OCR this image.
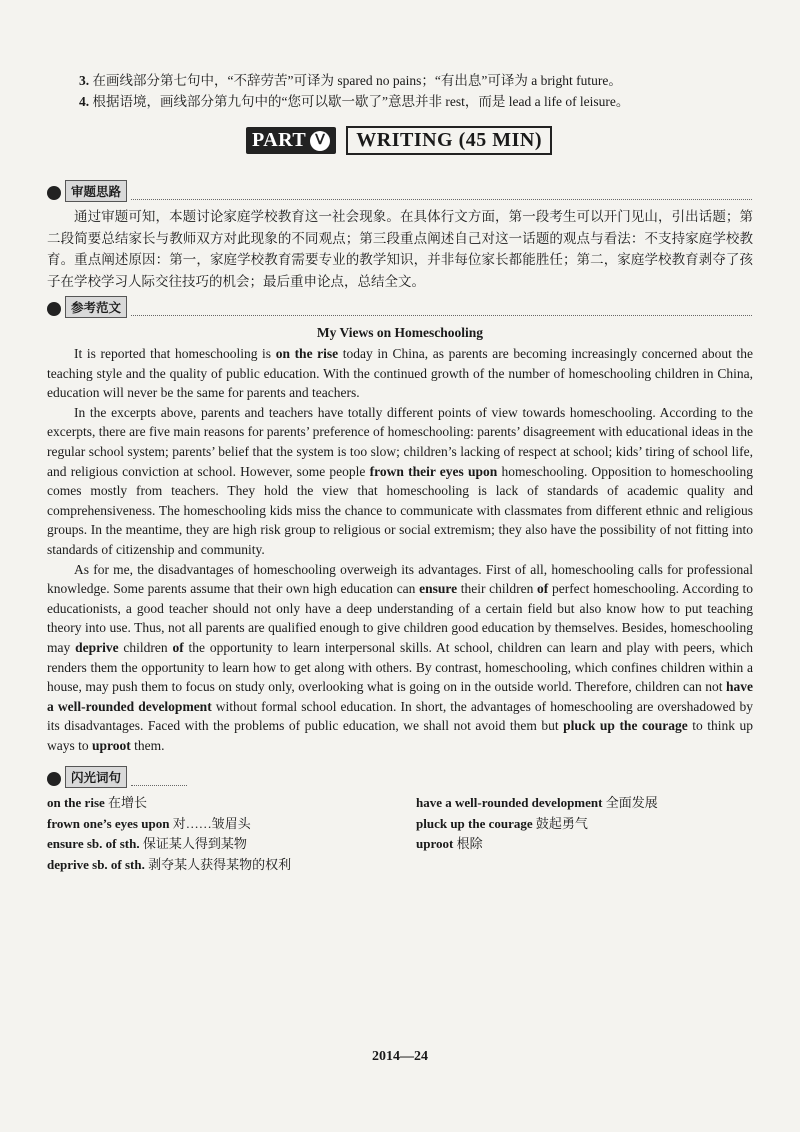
3. 在画线部分第七句中，“不辞劳苦”可译为 spared no pains；“有出息”可译为 a bright future。
4. 根据语境，画线部分第九句中的“您可以歇一歇了”意思并非 rest，而是 lead a life of leisure。
PART Ⅴ	WRITING (45 MIN)
审题思路
通过审题可知，本题讨论家庭学校教育这一社会现象。在具体行文方面，第一段考生可以开门见山，引出话题；第二段简要总结家长与教师双方对此现象的不同观点；第三段重点阐述自己对这一话题的观点与看法：不支持家庭学校教育。重点阐述原因：第一，家庭学校教育需要专业的教学知识，并非每位家长都能胜任；第二，家庭学校教育剥夺了孩子在学校学习人际交往技巧的机会；最后重申论点，总结全文。
参考范文
My Views on Homeschooling

It is reported that homeschooling is on the rise today in China, as parents are becoming increasingly concerned about the teaching style and the quality of public education. With the continued growth of the number of homeschooling children in China, education will never be the same for parents and teachers.

In the excerpts above, parents and teachers have totally different points of view towards homeschooling. According to the excerpts, there are five main reasons for parents’ preference of homeschooling: parents’ disagreement with educational ideas in the regular school system; parents’ belief that the system is too slow; children’s lacking of respect at school; kids’ tiring of school life, and religious conviction at school. However, some people frown their eyes upon homeschooling. Opposition to homeschooling comes mostly from teachers. They hold the view that homeschooling is lack of standards of academic quality and comprehensiveness. The homeschooling kids miss the chance to communicate with classmates from different ethnic and religious groups. In the meantime, they are high risk group to religious or social extremism; they also have the possibility of not fitting into standards of citizenship and community.

As for me, the disadvantages of homeschooling overweigh its advantages. First of all, homeschooling calls for professional knowledge. Some parents assume that their own high education can ensure their children of perfect homeschooling. According to educationists, a good teacher should not only have a deep understanding of a certain field but also know how to put teaching theory into use. Thus, not all parents are qualified enough to give children good education by themselves. Besides, homeschooling may deprive children of the opportunity to learn interpersonal skills. At school, children can learn and play with peers, which renders them the opportunity to learn how to get along with others. By contrast, homeschooling, which confines children within a house, may push them to focus on study only, overlooking what is going on in the outside world. Therefore, children can not have a well-rounded development without formal school education. In short, the advantages of homeschooling are overshadowed by its disadvantages. Faced with the problems of public education, we shall not avoid them but pluck up the courage to think up ways to uproot them.

闪光词句
on the rise 在增长
frown one’s eyes upon 对……皱眉头
ensure sb. of sth. 保证某人得到某物
deprive sb. of sth. 剥夺某人获得某物的权利
have a well-rounded development 全面发展
pluck up the courage 鼓起勇气
uproot 根除
2014—24
